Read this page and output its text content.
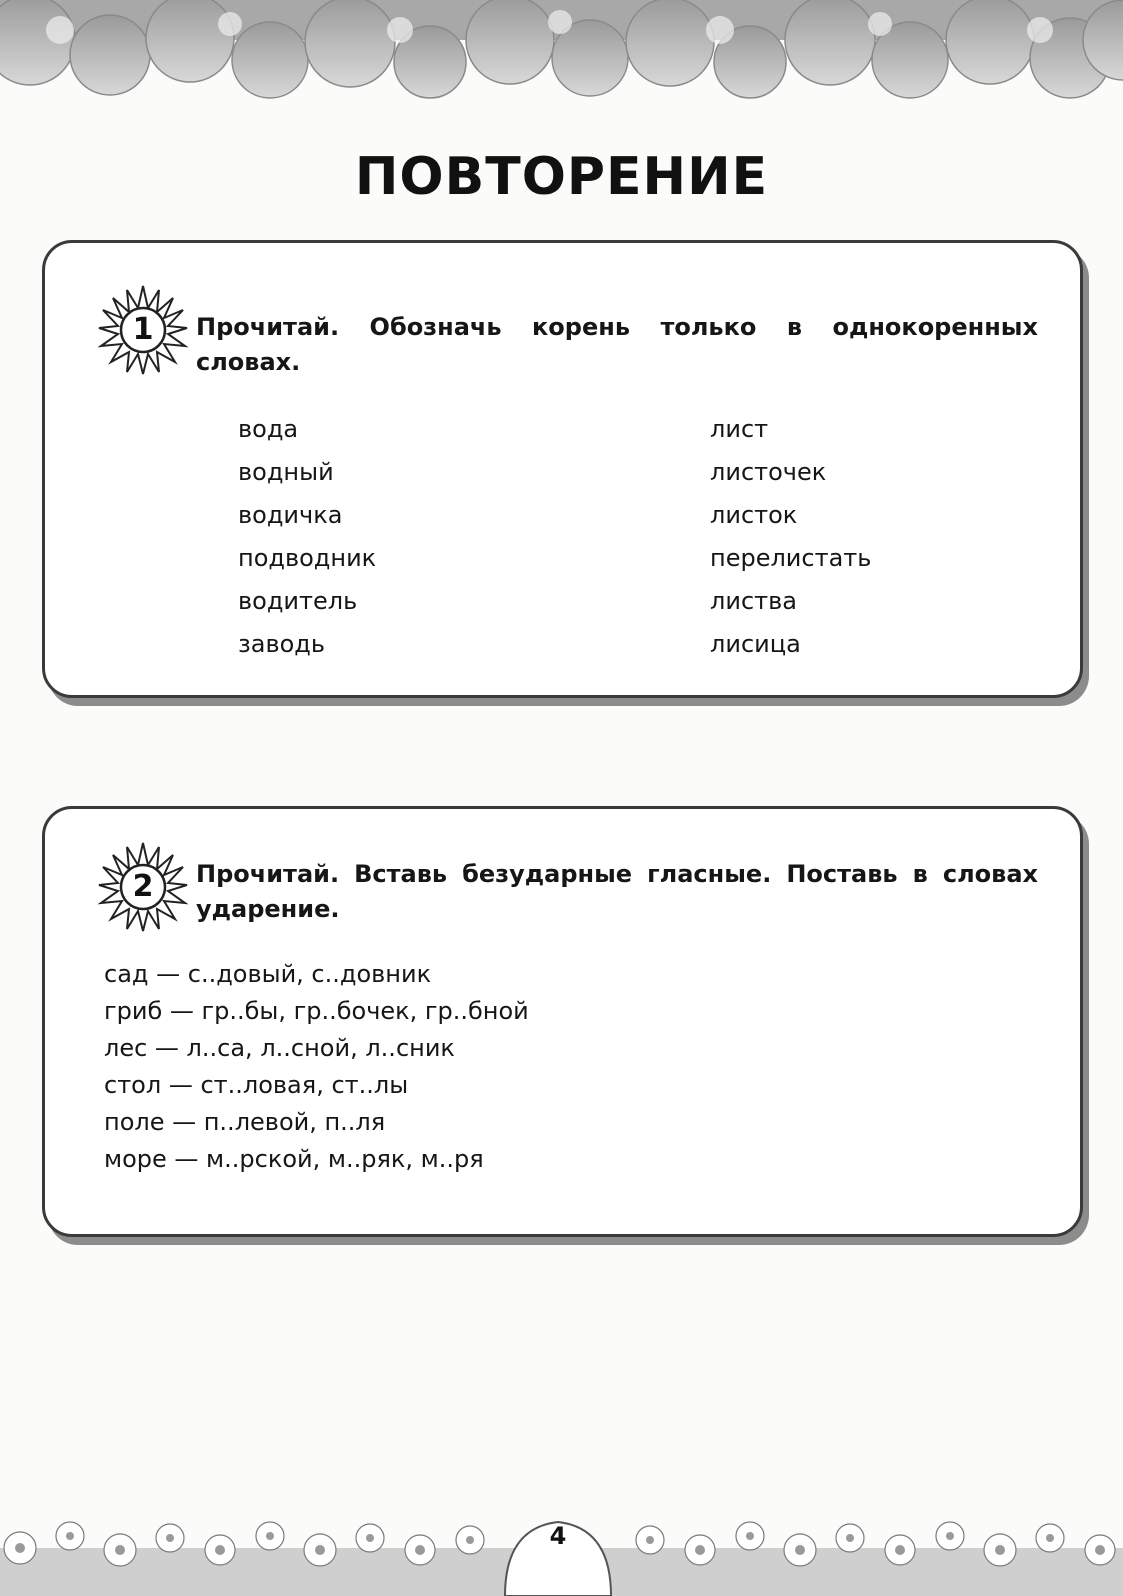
ПОВТОРЕНИЕ
1	Прочитай. Обозначь корень только в однокоренных словах.

вода
водный
водичка
подводник
водитель
заводь
лист
листочек
листок
перелистать
листва
лисица
2	Прочитай. Вставь безударные гласные. Поставь в словах ударение.

сад — с..довый, с..довник
гриб — гр..бы, гр..бочек, гр..бной
лес — л..са, л..сной, л..сник
стол — ст..ловая, ст..лы
поле — п..левой, п..ля
море — м..рской, м..ряк, м..ря
4
